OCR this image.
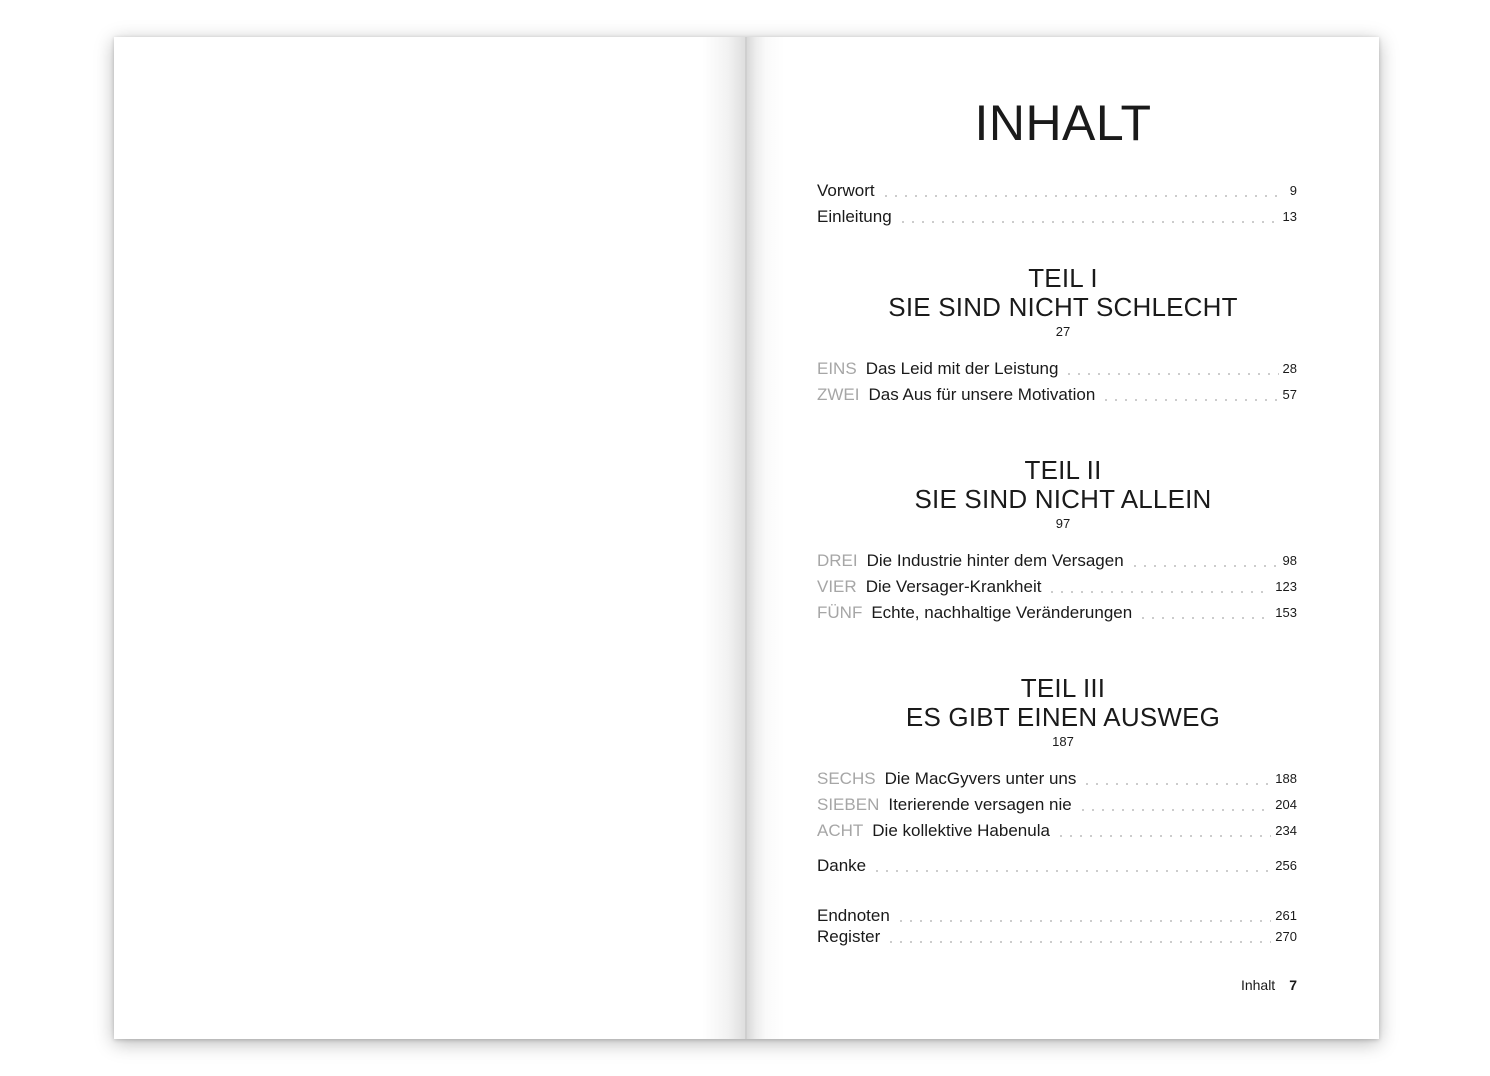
INHALT
Vorwort	9
Einleitung	13
TEIL I
SIE SIND NICHT SCHLECHT
27
EINS Das Leid mit der Leistung	28
ZWEI Das Aus für unsere Motivation	57
TEIL II
SIE SIND NICHT ALLEIN
97
DREI Die Industrie hinter dem Versagen	98
VIER Die Versager-Krankheit	123
FÜNF Echte, nachhaltige Veränderungen	153
TEIL III
ES GIBT EINEN AUSWEG
187
SECHS Die MacGyvers unter uns	188
SIEBEN Iterierende versagen nie	204
ACHT Die kollektive Habenula	234
Danke	256
Endnoten	261
Register	270
Inhalt 7
